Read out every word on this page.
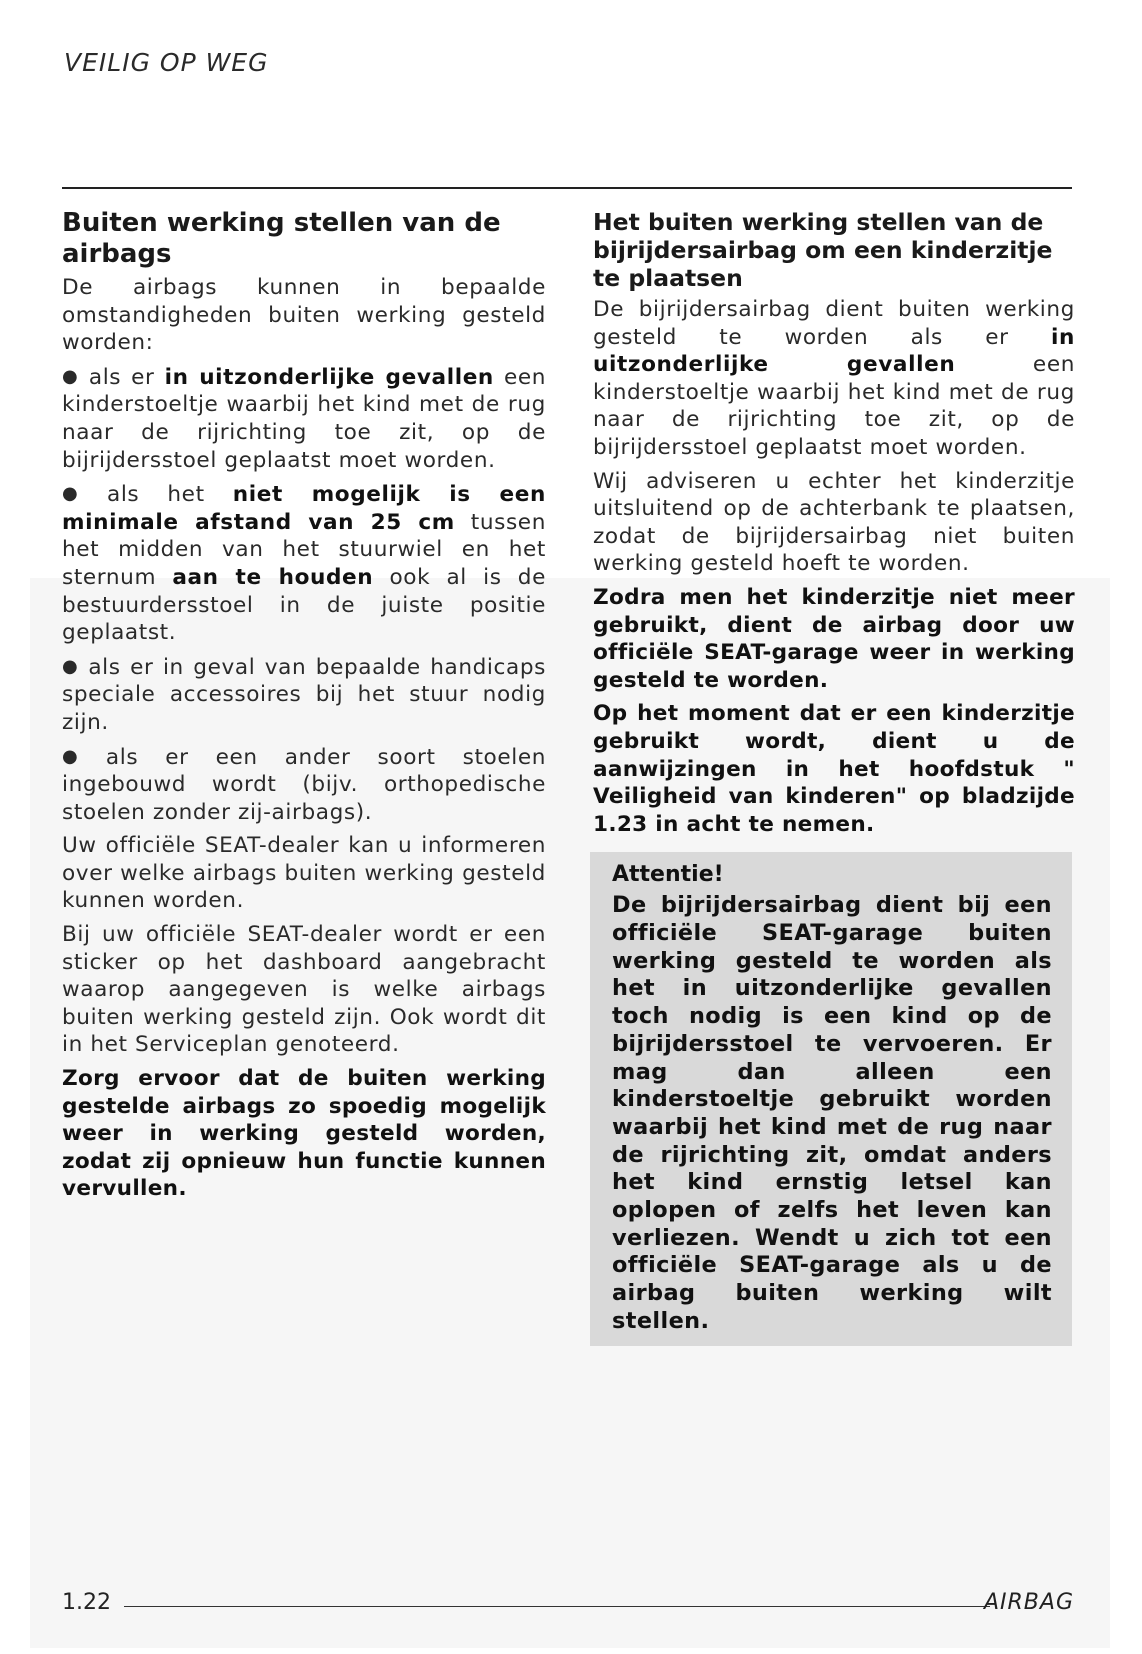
VEILIG OP WEG
Buiten werking stellen van de airbags

De airbags kunnen in bepaalde omstandigheden buiten werking gesteld worden:

● als er in uitzonderlijke gevallen een kinderstoeltje waarbij het kind met de rug naar de rijrichting toe zit, op de bijrijdersstoel geplaatst moet worden.

● als het niet mogelijk is een minimale afstand van 25 cm tussen het midden van het stuurwiel en het sternum aan te houden ook al is de bestuurdersstoel in de juiste positie geplaatst.

● als er in geval van bepaalde handicaps speciale accessoires bij het stuur nodig zijn.

● als er een ander soort stoelen ingebouwd wordt (bijv. orthopedische stoelen zonder zij-airbags).

Uw officiële SEAT-dealer kan u informeren over welke airbags buiten werking gesteld kunnen worden.

Bij uw officiële SEAT-dealer wordt er een sticker op het dashboard aangebracht waarop aangegeven is welke airbags buiten werking gesteld zijn. Ook wordt dit in het Serviceplan genoteerd.

Zorg ervoor dat de buiten werking gestelde airbags zo spoedig mogelijk weer in werking gesteld worden, zodat zij opnieuw hun functie kunnen vervullen.

Het buiten werking stellen van de bijrijdersairbag om een kinderzitje te plaatsen

De bijrijdersairbag dient buiten werking gesteld te worden als er in uitzonderlijke gevallen een kinderstoeltje waarbij het kind met de rug naar de rijrichting toe zit, op de bijrijdersstoel geplaatst moet worden.

Wij adviseren u echter het kinderzitje uitsluitend op de achterbank te plaatsen, zodat de bijrijdersairbag niet buiten werking gesteld hoeft te worden.

Zodra men het kinderzitje niet meer gebruikt, dient de airbag door uw officiële SEAT-garage weer in werking gesteld te worden.

Op het moment dat er een kinderzitje gebruikt wordt, dient u de aanwijzingen in het hoofdstuk " Veiligheid van kinderen" op bladzijde 1.23 in acht te nemen.

Attentie!

De bijrijdersairbag dient bij een officiële SEAT-garage buiten werking gesteld te worden als het in uitzonderlijke gevallen toch nodig is een kind op de bijrijdersstoel te vervoeren. Er mag dan alleen een kinderstoeltje gebruikt worden waarbij het kind met de rug naar de rijrichting zit, omdat anders het kind ernstig letsel kan oplopen of zelfs het leven kan verliezen. Wendt u zich tot een officiële SEAT-garage als u de airbag buiten werking wilt stellen.

1.22	AIRBAG
